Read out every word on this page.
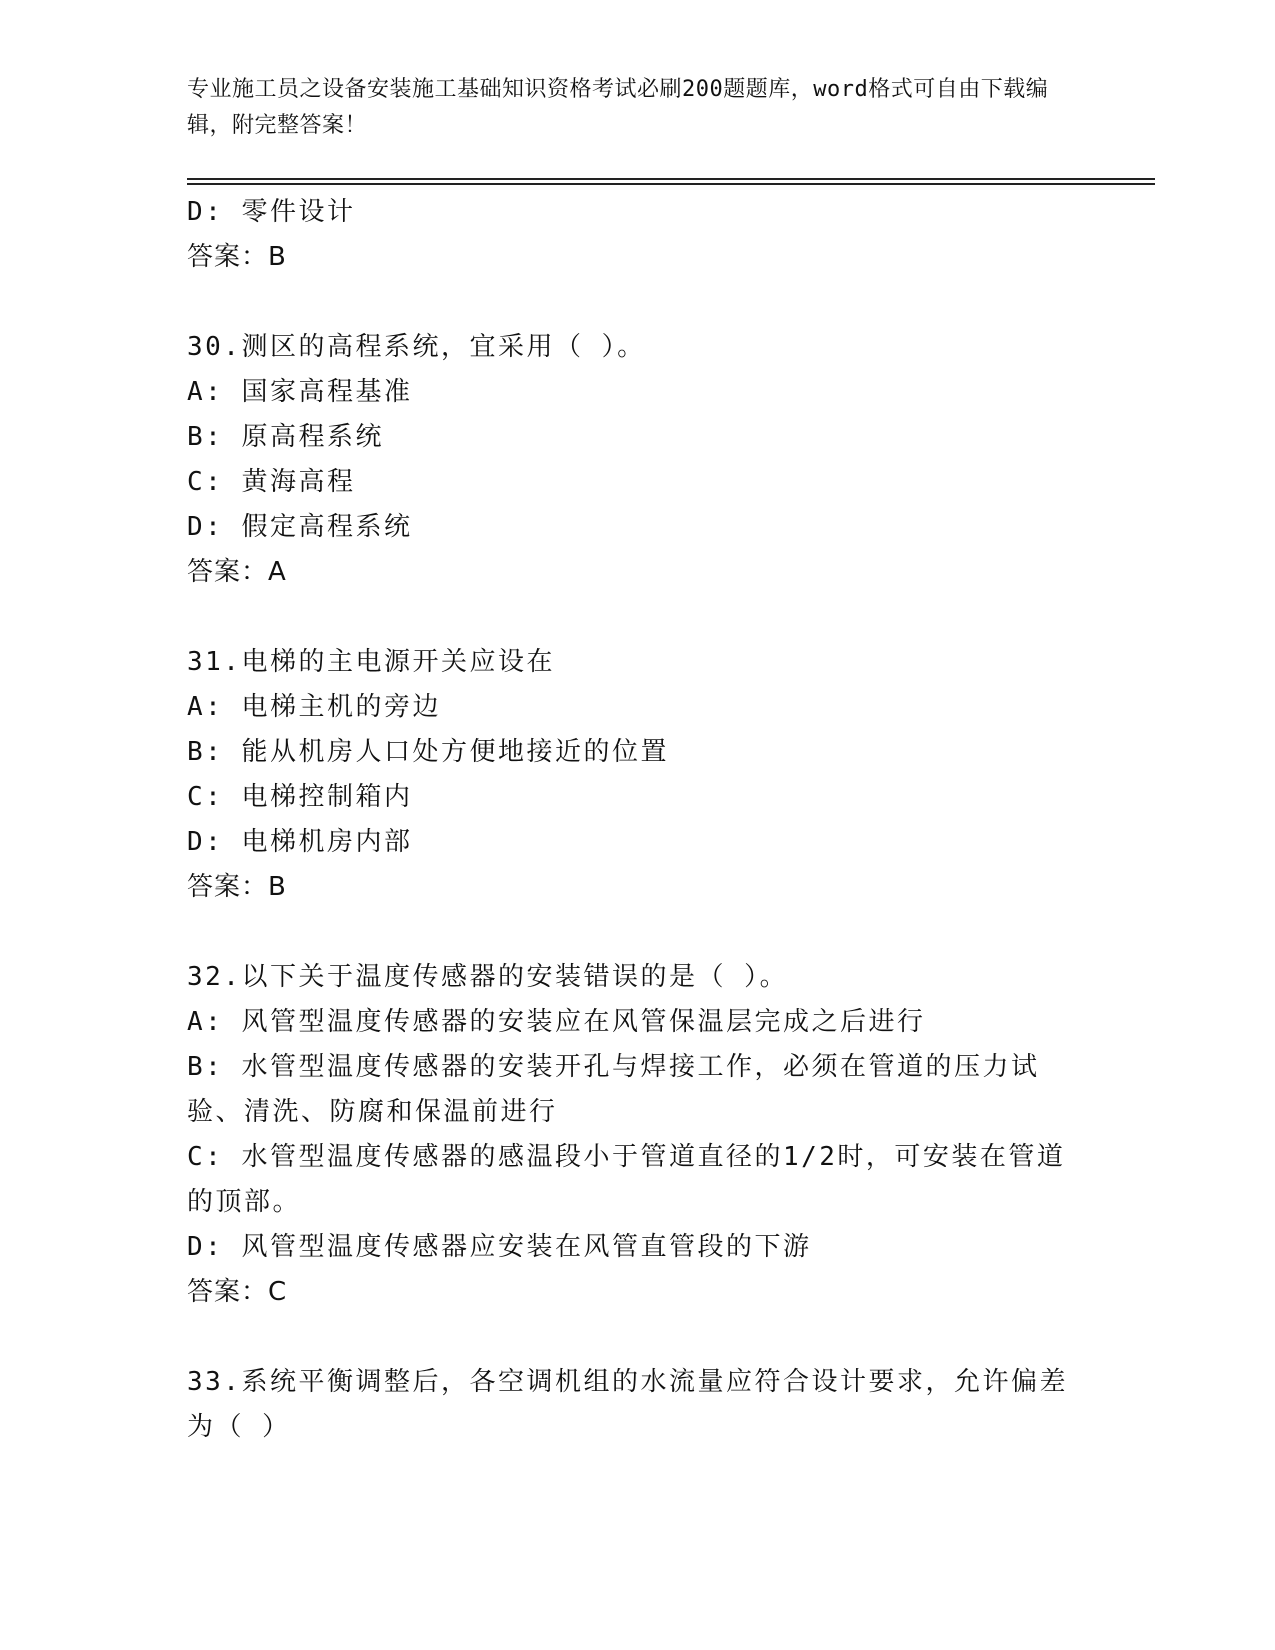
专业施工员之设备安装施工基础知识资格考试必刷200题题库，word格式可自由下载编辑，附完整答案！
D: 零件设计
答案：B
30.测区的高程系统，宜采用（ ）。
A: 国家高程基准
B: 原高程系统
C: 黄海高程
D: 假定高程系统
答案：A
31.电梯的主电源开关应设在
A: 电梯主机的旁边
B: 能从机房人口处方便地接近的位置
C: 电梯控制箱内
D: 电梯机房内部
答案：B
32.以下关于温度传感器的安装错误的是（ ）。
A: 风管型温度传感器的安装应在风管保温层完成之后进行
B: 水管型温度传感器的安装开孔与焊接工作，必须在管道的压力试验、清洗、防腐和保温前进行
C: 水管型温度传感器的感温段小于管道直径的1/2时，可安装在管道的顶部。
D: 风管型温度传感器应安装在风管直管段的下游
答案：C
33.系统平衡调整后，各空调机组的水流量应符合设计要求，允许偏差为（ ）
